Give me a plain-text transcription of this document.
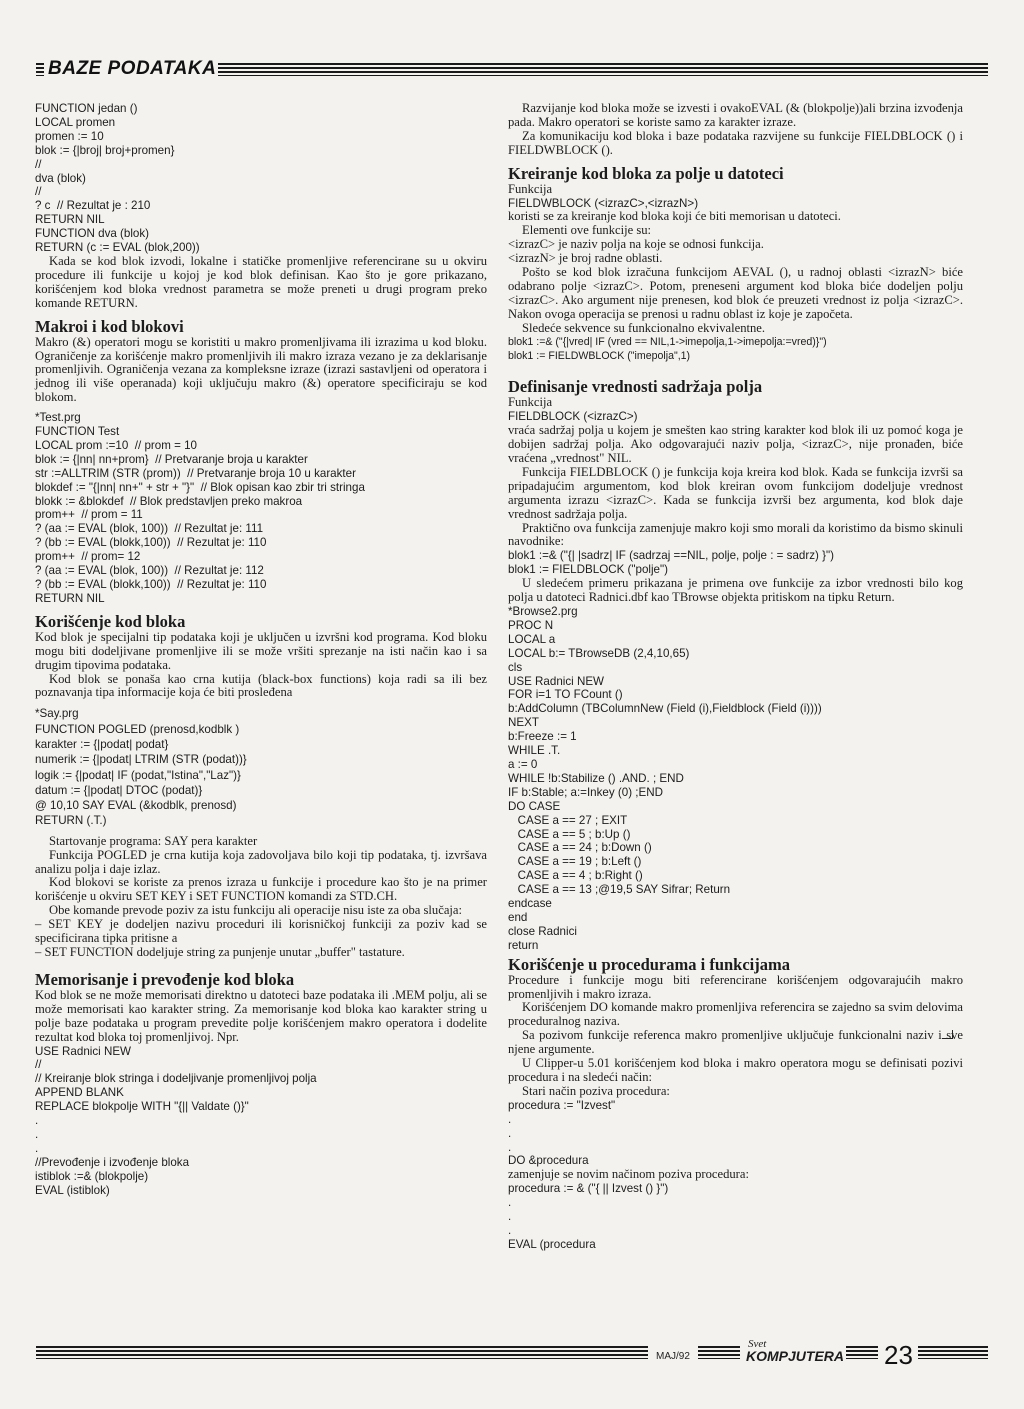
BAZE PODATAKA
FUNCTION jedan ()
LOCAL promen
promen := 10
blok := {|broj| broj+promen}
//
dva (blok)
//
? c  // Rezultat je : 210
RETURN NIL
FUNCTION dva (blok)
RETURN (c := EVAL (blok,200))

Kada se kod blok izvodi, lokalne i statičke promenljive referencirane su u okviru procedure ili funkcije u kojoj je kod blok definisan. Kao što je gore prikazano, korišćenjem kod bloka vrednost parametra se može preneti u drugi program preko komande RETURN.

Makroi i kod blokovi

Makro (&) operatori mogu se koristiti u makro promenljivama ili izrazima u kod bloku. Ograničenje za korišćenje makro promenljivih ili makro izraza vezano je za deklarisanje promenljivih. Ograničenja vezana za kompleksne izraze (izrazi sastavljeni od operatora i jednog ili više operanada) koji uključuju makro (&) operatore specificiraju se kod blokom.

*Test.prg
FUNCTION Test
LOCAL prom :=10  // prom = 10
blok := {|nn| nn+prom}  // Pretvaranje broja u karakter
str :=ALLTRIM (STR (prom))  // Pretvaranje broja 10 u karakter
blokdef := "{|nn| nn+" + str + "}"  // Blok opisan kao zbir tri stringa
blokk := &blokdef  // Blok predstavljen preko makroa
prom++  // prom = 11
? (aa := EVAL (blok, 100))  // Rezultat je: 111
? (bb := EVAL (blokk,100))  // Rezultat je: 110
prom++  // prom= 12
? (aa := EVAL (blok, 100))  // Rezultat je: 112
? (bb := EVAL (blokk,100))  // Rezultat je: 110
RETURN NIL
Korišćenje kod bloka

Kod blok je specijalni tip podataka koji je uključen u izvršni kod programa. Kod bloku mogu biti dodeljivane promenljive ili se može vršiti sprezanje na isti način kao i sa drugim tipovima podataka.

Kod blok se ponaša kao crna kutija (black-box functions) koja radi sa ili bez poznavanja tipa informacije koja će biti prosleđena

*Say.prg
FUNCTION POGLED (prenosd,kodblk )
karakter := {|podat| podat}
numerik := {|podat| LTRIM (STR (podat))}
logik := {|podat| IF (podat,"Istina","Laz")}
datum := {|podat| DTOC (podat)}
@ 10,10 SAY EVAL (&kodblk, prenosd)
RETURN (.T.)

Startovanje programa: SAY pera karakter

Funkcija POGLED je crna kutija koja zadovoljava bilo koji tip podataka, tj. izvršava analizu polja i daje izlaz.

Kod blokovi se koriste za prenos izraza u funkcije i procedure kao što je na primer korišćenje u okviru SET KEY i SET FUNCTION komandi za STD.CH.

Obe komande prevode poziv za istu funkciju ali operacije nisu iste za oba slučaja:

– SET KEY je dodeljen nazivu proceduri ili korisničkoj funkciji za poziv kad se specificirana tipka pritisne a

– SET FUNCTION dodeljuje string za punjenje unutar „buffer" tastature.

Memorisanje i prevođenje kod bloka

Kod blok se ne može memorisati direktno u datoteci baze podataka ili .MEM polju, ali se može memorisati kao karakter string. Za memorisanje kod bloka kao karakter string u polje baze podataka u program prevedite polje korišćenjem makro operatora i dodelite rezultat kod bloka toj promenljivoj. Npr.

USE Radnici NEW
//
// Kreiranje blok stringa i dodeljivanje promenljivoj polja
APPEND BLANK
REPLACE blokpolje WITH "{|| Valdate ()}"
.
.
.
//Prevođenje i izvođenje bloka
istiblok :=& (blokpolje)
EVAL (istiblok)

Razvijanje kod bloka može se izvesti i ovakoEVAL (& (blokpolje))ali brzina izvođenja pada. Makro operatori se koriste samo za karakter izraze.

Za komunikaciju kod bloka i baze podataka razvijene su funkcije FIELDBLOCK () i FIELDWBLOCK ().

Kreiranje kod bloka za polje u datoteci

Funkcija

FIELDWBLOCK (<izrazC>,<izrazN>)

koristi se za kreiranje kod bloka koji će biti memorisan u datoteci.

Elementi ove funkcije su:

<izrazC> je naziv polja na koje se odnosi funkcija.

<izrazN> je broj radne oblasti.

Pošto se kod blok izračuna funkcijom AEVAL (), u radnoj oblasti <izrazN> biće odabrano polje <izrazC>. Potom, preneseni argument kod bloka biće dodeljen polju <izrazC>. Ako argument nije prenesen, kod blok će preuzeti vrednost iz polja <izrazC>. Nakon ovoga operacija se prenosi u radnu oblast iz koje je započeta.

Sledeće sekvence su funkcionalno ekvivalentne.

blok1 :=& ("{|vred| IF (vred == NIL,1->imepolja,1->imepolja:=vred)}")
blok1 := FIELDWBLOCK ("imepolja",1)
Definisanje vrednosti sadržaja polja

Funkcija

FIELDBLOCK (<izrazC>)

vraća sadržaj polja u kojem je smešten kao string karakter kod blok ili uz pomoć koga je dobijen sadržaj polja. Ako odgovarajući naziv polja, <izrazC>, nije pronađen, biće vraćena „vrednost" NIL.

Funkcija FIELDBLOCK () je funkcija koja kreira kod blok. Kada se funkcija izvrši sa pripadajućim argumentom, kod blok kreiran ovom funkcijom dodeljuje vrednost argumenta izrazu <izrazC>. Kada se funkcija izvrši bez argumenta, kod blok daje vrednost sadržaja polja.

Praktično ova funkcija zamenjuje makro koji smo morali da koristimo da bismo skinuli navodnike:

blok1 :=& ("{| |sadrz| IF (sadrzaj ==NIL, polje, polje : = sadrz) }")
blok1 := FIELDBLOCK ("polje")

U sledećem primeru prikazana je primena ove funkcije za izbor vrednosti bilo kog polja u datoteci Radnici.dbf kao TBrowse objekta pritiskom na tipku Return.

*Browse2.prg
PROC N
LOCAL a
LOCAL b:= TBrowseDB (2,4,10,65)
cls
USE Radnici NEW
FOR i=1 TO FCount ()
b:AddColumn (TBColumnNew (Field (i),Fieldblock (Field (i))))
NEXT
b:Freeze := 1
WHILE .T.
a := 0
WHILE !b:Stabilize () .AND. ; END
IF b:Stable; a:=Inkey (0) ;END
DO CASE
CASE a == 27 ; EXIT
CASE a == 5 ; b:Up ()
CASE a == 24 ; b:Down ()
CASE a == 19 ; b:Left ()
CASE a == 4 ; b:Right ()
CASE a == 13 ;@19,5 SAY Sifrar; Return
endcase
end
close Radnici
return
Korišćenje u procedurama i funkcijama

Procedure i funkcije mogu biti referencirane korišćenjem odgovarajućih makro promenljivih i makro izraza.

Korišćenjem DO komande makro promenljiva referencira se zajedno sa svim delovima proceduralnog naziva.

Sa pozivom funkcije referenca makro promenljive uključuje funkcionalni naziv i sve njene argumente.

U Clipper-u 5.01 korišćenjem kod bloka i makro operatora mogu se definisati pozivi procedura i na sledeći način:

Stari način poziva procedura:

procedura := "Izvest"
.
.
.
DO &procedura

zamenjuje se novim načinom poziva procedura:

procedura := & ("{ || Izvest () }")
.
.
.
EVAL (procedura
MAJ/92
Svet
KOMPJUTERA 23
